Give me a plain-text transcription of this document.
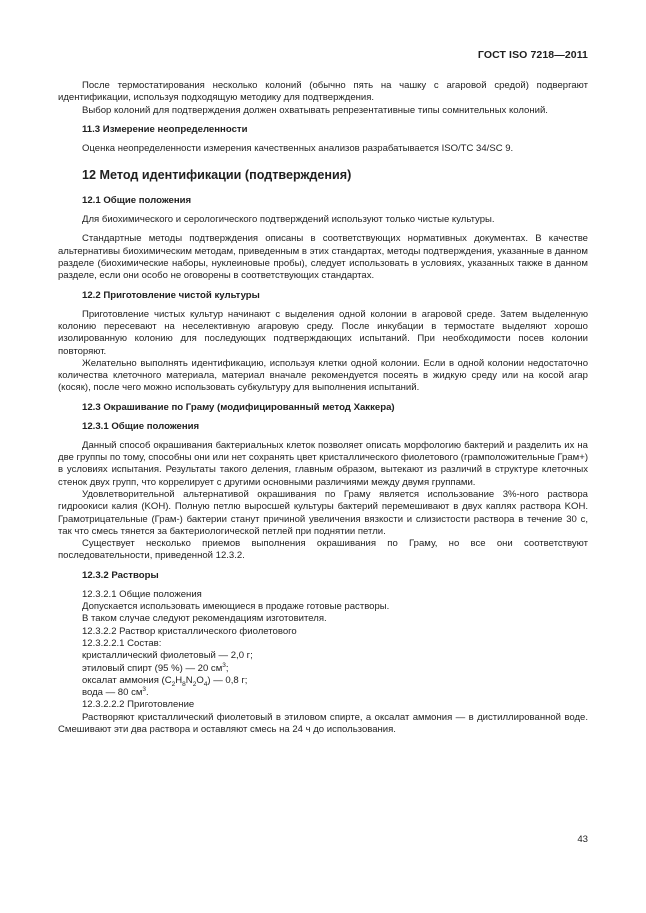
ГОСТ ISO 7218—2011

После термостатирования несколько колоний (обычно пять на чашку с агаровой средой) подвергают идентификации, используя подходящую методику для подтверждения.

Выбор колоний для подтверждения должен охватывать репрезентативные типы сомнительных колоний.

11.3 Измерение неопределенности

Оценка неопределенности измерения качественных анализов разрабатывается ISO/TC 34/SC 9.

12 Метод идентификации (подтверждения)
12.1 Общие положения

Для биохимического и серологического подтверждений используют только чистые культуры.

Стандартные методы подтверждения описаны в соответствующих нормативных документах. В качестве альтернативы биохимическим методам, приведенным в этих стандартах, методы подтверждения, указанные в данном разделе (биохимические наборы, нуклеиновые пробы), следует использовать в условиях, указанных также в данном разделе, если они особо не оговорены в соответствующих стандартах.

12.2 Приготовление чистой культуры

Приготовление чистых культур начинают с выделения одной колонии в агаровой среде. Затем выделенную колонию пересевают на неселективную агаровую среду. После инкубации в термостате выделяют хорошо изолированную колонию для последующих подтверждающих испытаний. При необходимости посев колонии повторяют.

Желательно выполнять идентификацию, используя клетки одной колонии. Если в одной колонии недостаточно количества клеточного материала, материал вначале рекомендуется посеять в жидкую среду или на косой агар (косяк), после чего можно использовать субкультуру для выполнения испытаний.

12.3 Окрашивание по Граму (модифицированный метод Хаккера)
12.3.1 Общие положения

Данный способ окрашивания бактериальных клеток позволяет описать морфологию бактерий и разделить их на две группы по тому, способны они или нет сохранять цвет кристаллического фиолетового (грамположительные Грам+) в условиях испытания. Результаты такого деления, главным образом, вытекают из различий в структуре клеточных стенок двух групп, что коррелирует с другими основными различиями между двумя группами.

Удовлетворительной альтернативой окрашивания по Граму является использование 3%-ного раствора гидроокиси калия (KOH). Полную петлю выросшей культуры бактерий перемешивают в двух каплях раствора KOH. Грамотрицательные (Грам-) бактерии станут причиной увеличения вязкости и слизистости раствора в течение 30 с, так что смесь тянется за бактериологической петлей при поднятии петли.

Существует несколько приемов выполнения окрашивания по Граму, но все они соответствуют последовательности, приведенной 12.3.2.

12.3.2 Растворы

12.3.2.1 Общие положения

Допускается использовать имеющиеся в продаже готовые растворы.

В таком случае следуют рекомендациям изготовителя.

12.3.2.2 Раствор кристаллического фиолетового

12.3.2.2.1 Состав:

кристаллический фиолетовый — 2,0 г;

этиловый спирт (95 %) — 20 $см^3$;

оксалат аммония $(C_2H_8N_2O_4)$ — 0,8 г;

вода — 80 $см^3$.

12.3.2.2.2 Приготовление

Растворяют кристаллический фиолетовый в этиловом спирте, а оксалат аммония — в дистиллированной воде. Смешивают эти два раствора и оставляют смесь на 24 ч до использования.

43
